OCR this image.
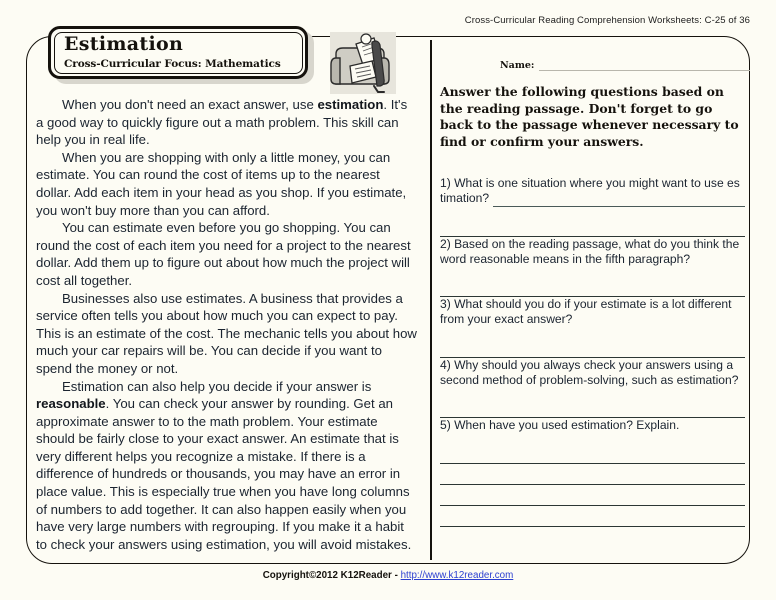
Cross-Curricular Reading Comprehension Worksheets: C-25 of 36
Estimation
Cross-Curricular Focus: Mathematics

When you don't need an exact answer, use estimation. It's a good way to quickly figure out a math problem. This skill can help you in real life.

When you are shopping with only a little money, you can estimate. You can round the cost of items up to the nearest dollar. Add each item in your head as you shop. If you estimate, you won't buy more than you can afford.

You can estimate even before you go shopping. You can round the cost of each item you need for a project to the nearest dollar. Add them up to figure out about how much the project will cost all together.

Businesses also use estimates. A business that provides a service often tells you about how much you can expect to pay. This is an estimate of the cost. The mechanic tells you about how much your car repairs will be. You can decide if you want to spend the money or not.

Estimation can also help you decide if your answer is reasonable. You can check your answer by rounding. Get an approximate answer to to the math problem. Your estimate should be fairly close to your exact answer. An estimate that is very different helps you recognize a mistake. If there is a difference of hundreds or thousands, you may have an error in place value. This is especially true when you have long columns of numbers to add together. It can also happen easily when you have very large numbers with regrouping. If you make it a habit to check your answers using estimation, you will avoid mistakes.

Name:
Answer the following questions based on the reading passage. Don't forget to go back to the passage whenever necessary to find or confirm your answers.
1) What is one situation where you might want to use es
timation?
2) Based on the reading passage, what do you think the
word reasonable means in the fifth paragraph?
3) What should you do if your estimate is a lot different
from your exact answer?
4) Why should you always check your answers using a
second method of problem-solving, such as estimation?
5) When have you used estimation? Explain.
Copyright©2012 K12Reader - http://www.k12reader.com
